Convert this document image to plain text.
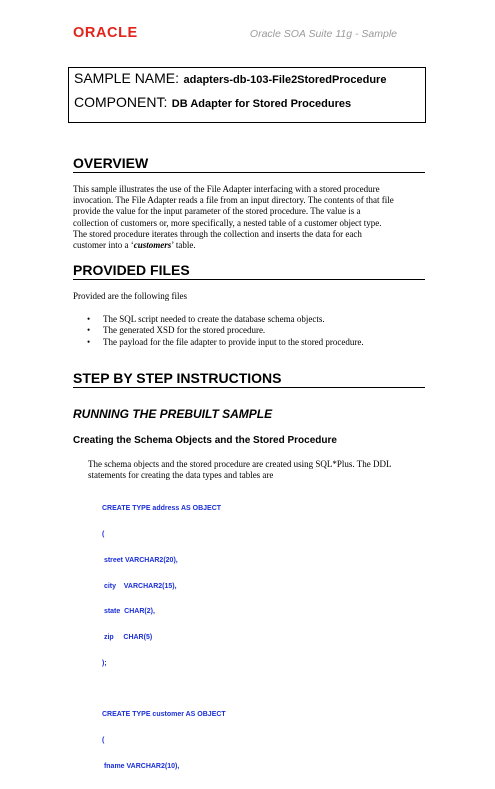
ORACLE	Oracle SOA Suite 11g - Sample
SAMPLE NAME: adapters-db-103-File2StoredProcedure
COMPONENT: DB Adapter for Stored Procedures
OVERVIEW
This sample illustrates the use of the File Adapter interfacing with a stored procedure
invocation. The File Adapter reads a file from an input directory. The contents of that file
provide the value for the input parameter of the stored procedure. The value is a
collection of customers or, more specifically, a nested table of a customer object type.
The stored procedure iterates through the collection and inserts the data for each
customer into a ‘customers’ table.
PROVIDED FILES
Provided are the following files
• The SQL script needed to create the database schema objects.
• The generated XSD for the stored procedure.
• The payload for the file adapter to provide input to the stored procedure.
STEP BY STEP INSTRUCTIONS
RUNNING THE PREBUILT SAMPLE
Creating the Schema Objects and the Stored Procedure
The schema objects and the stored procedure are created using SQL*Plus. The DDL
statements for creating the data types and tables are

CREATE TYPE address AS OBJECT

(

street VARCHAR2(20),

city    VARCHAR2(15),

state  CHAR(2),

zip     CHAR(5)

);

CREATE TYPE customer AS OBJECT

(

fname VARCHAR2(10),
